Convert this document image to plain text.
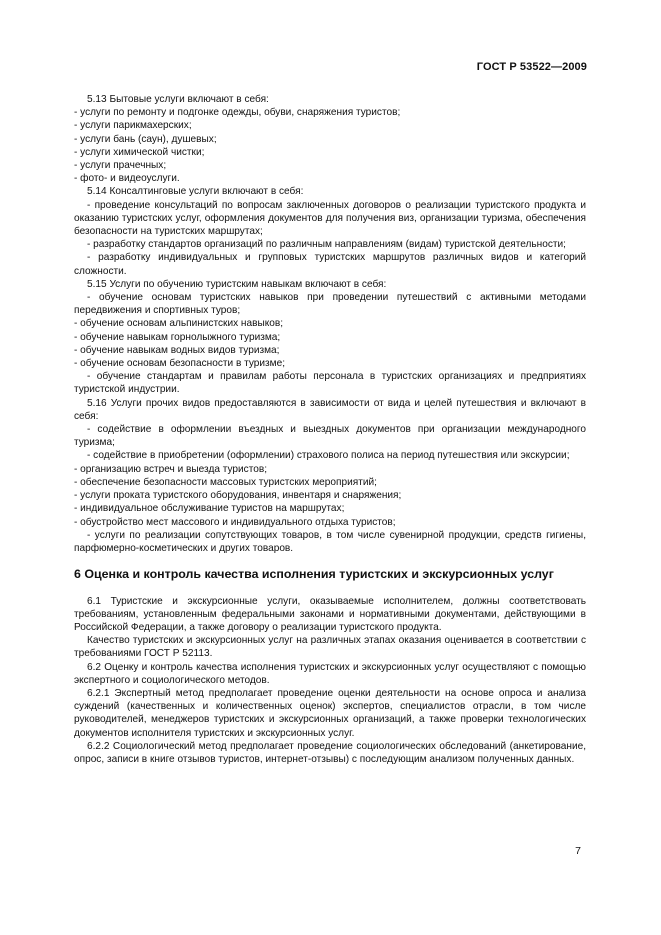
ГОСТ Р 53522—2009

5.13 Бытовые услуги включают в себя:

- услуги по ремонту и подгонке одежды, обуви, снаряжения туристов;

- услуги парикмахерских;

- услуги бань (саун), душевых;

- услуги химической чистки;

- услуги прачечных;

- фото- и видеоуслуги.

5.14 Консалтинговые услуги включают в себя:

- проведение консультаций по вопросам заключенных договоров о реализации туристского продукта и оказанию туристских услуг, оформления документов для получения виз, организации туризма, обеспечения безопасности на туристских маршрутах;

- разработку стандартов организаций по различным направлениям (видам) туристской деятельности;

- разработку индивидуальных и групповых туристских маршрутов различных видов и категорий сложности.

5.15 Услуги по обучению туристским навыкам включают в себя:

- обучение основам туристских навыков при проведении путешествий с активными методами передвижения и спортивных туров;

- обучение основам альпинистских навыков;

- обучение навыкам горнолыжного туризма;

- обучение навыкам водных видов туризма;

- обучение основам безопасности в туризме;

- обучение стандартам и правилам работы персонала в туристских организациях и предприятиях туристской индустрии.

5.16 Услуги прочих видов предоставляются в зависимости от вида и целей путешествия и включают в себя:

- содействие в оформлении въездных и выездных документов при организации международного туризма;

- содействие в приобретении (оформлении) страхового полиса на период путешествия или экскурсии;

- организацию встреч и выезда туристов;

- обеспечение безопасности массовых туристских мероприятий;

- услуги проката туристского оборудования, инвентаря и снаряжения;

- индивидуальное обслуживание туристов на маршрутах;

- обустройство мест массового и индивидуального отдыха туристов;

- услуги по реализации сопутствующих товаров, в том числе сувенирной продукции, средств гигиены, парфюмерно-косметических и других товаров.

6 Оценка и контроль качества исполнения туристских и экскурсионных услуг

6.1 Туристские и экскурсионные услуги, оказываемые исполнителем, должны соответствовать требованиям, установленным федеральными законами и нормативными документами, действующими в Российской Федерации, а также договору о реализации туристского продукта.

Качество туристских и экскурсионных услуг на различных этапах оказания оценивается в соответствии с требованиями ГОСТ Р 52113.

6.2 Оценку и контроль качества исполнения туристских и экскурсионных услуг осуществляют с помощью экспертного и социологического методов.

6.2.1 Экспертный метод предполагает проведение оценки деятельности на основе опроса и анализа суждений (качественных и количественных оценок) экспертов, специалистов отрасли, в том числе руководителей, менеджеров туристских и экскурсионных организаций, а также проверки технологических документов исполнителя туристских и экскурсионных услуг.

6.2.2 Социологический метод предполагает проведение социологических обследований (анкетирование, опрос, записи в книге отзывов туристов, интернет-отзывы) с последующим анализом полученных данных.

7
